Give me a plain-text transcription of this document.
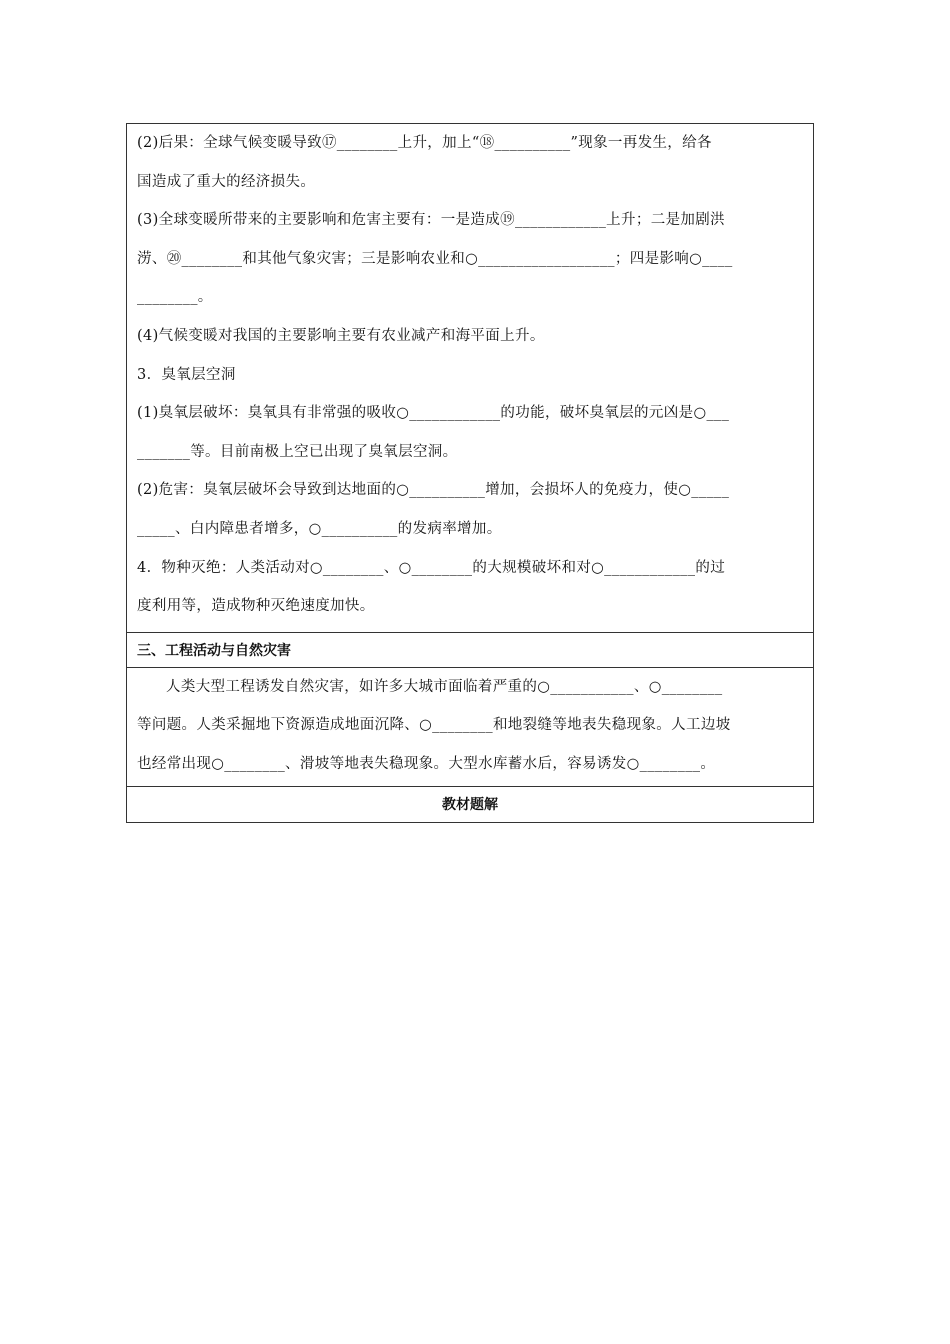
(2)后果：全球气候变暖导致⑰________上升，加上“⑱__________”现象一再发生，给各
国造成了重大的经济损失。
(3)全球变暖所带来的主要影响和危害主要有：一是造成⑲____________上升；二是加剧洪
涝、⑳________和其他气象灾害；三是影响农业和○__________________；四是影响○____
________。
(4)气候变暖对我国的主要影响主要有农业减产和海平面上升。
3．臭氧层空洞
(1)臭氧层破坏：臭氧具有非常强的吸收○____________的功能，破坏臭氧层的元凶是○___
_______等。目前南极上空已出现了臭氧层空洞。
(2)危害：臭氧层破坏会导致到达地面的○__________增加，会损坏人的免疫力，使○_____
_____、白内障患者增多，○__________的发病率增加。
4．物种灭绝：人类活动对○________、○________的大规模破坏和对○____________的过
度利用等，造成物种灭绝速度加快。
三、工程活动与自然灾害
人类大型工程诱发自然灾害，如许多大城市面临着严重的○___________、○________
等问题。人类采掘地下资源造成地面沉降、○________和地裂缝等地表失稳现象。人工边坡
也经常出现○________、滑坡等地表失稳现象。大型水库蓄水后，容易诱发○________。
教材题解
